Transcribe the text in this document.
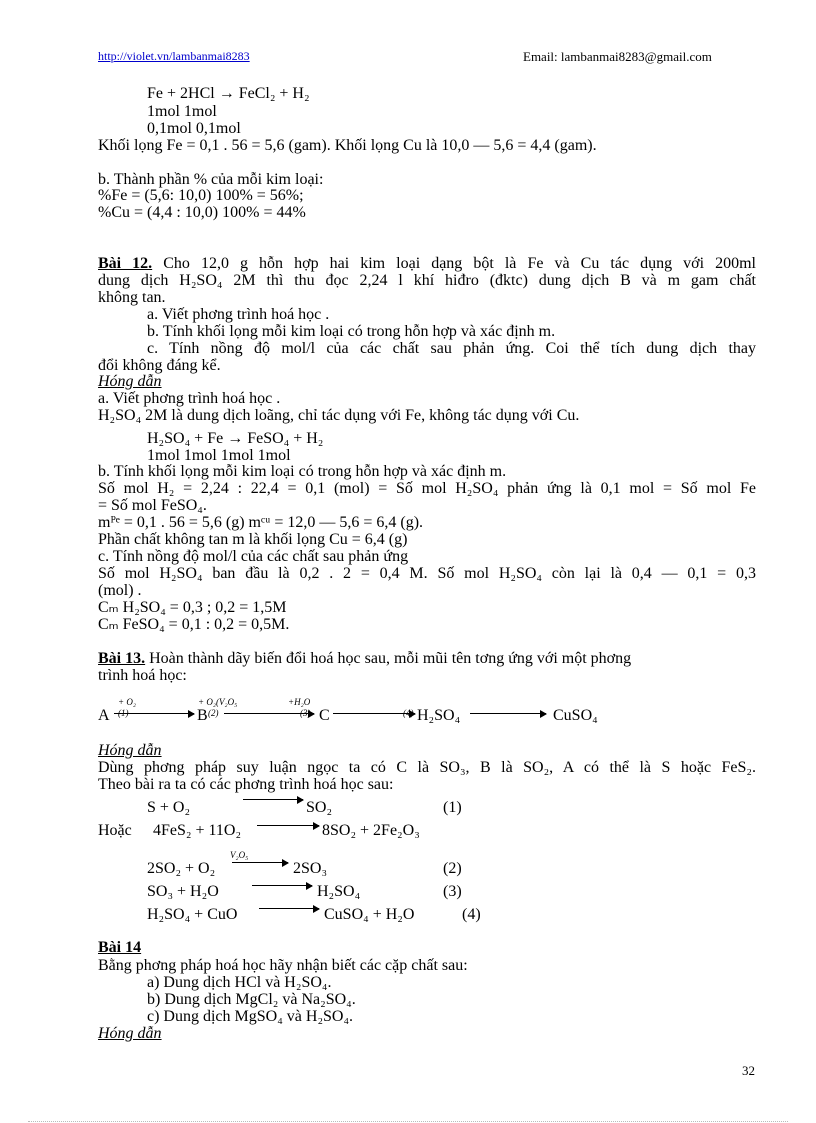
http://violet.vn/lambanmai8283	Email: lambanmai8283@gmail.com
Fe + 2HCl → FeCl₂ + H₂
1mol 1mol
0,1mol 0,1mol
Khối lọng Fe = 0,1 . 56 = 5,6 (gam). Khối lọng Cu là 10,0 — 5,6 = 4,4 (gam).
b. Thành phần % của mỗi kim loại:
%Fe = (5,6: 10,0) 100% = 56%;
%Cu = (4,4 : 10,0) 100% = 44%
Bài 12. Cho 12,0 g hỗn hợp hai kim loại dạng bột là Fe và Cu tác dụng với 200ml
dung dịch H₂SO₄ 2M thì thu đọc 2,24 l khí hiđro (đktc) dung dịch B và m gam chất
không tan.
a. Viết phơng trình hoá học .
b. Tính khối lọng mỗi kim loại có trong hỗn hợp và xác định m.
c. Tính nồng độ mol/l của các chất sau phản ứng. Coi thể tích dung dịch thay
đổi không đáng kể.
Hóng dẫn
a. Viết phơng trình hoá học .
H₂SO₄ 2M là dung dịch loãng, chỉ tác dụng với Fe, không tác dụng với Cu.
H₂SO₄ + Fe → FeSO₄ + H₂
1mol 1mol 1mol 1mol
b. Tính khối lọng mỗi kim loại có trong hỗn hợp và xác định m.
Số mol H₂ = 2,24 : 22,4 = 0,1 (mol) = Số mol H₂SO₄ phản ứng là 0,1 mol = Số mol Fe
= Số mol FeSO₄.
mᴾᵉ = 0,1 . 56 = 5,6 (g) mᶜᵘ = 12,0 — 5,6 = 6,4 (g).
Phần chất không tan m là khối lọng Cu = 6,4 (g)
c. Tính nồng độ mol/l của các chất sau phản ứng
Số mol H₂SO₄ ban đầu là 0,2 . 2 = 0,4 M. Số mol H₂SO₄ còn lại là 0,4 — 0,1 = 0,3
(mol) .
Cₘ H₂SO₄ = 0,3 ; 0,2 = 1,5M
Cₘ FeSO₄ = 0,1 : 0,2 = 0,5M.
Bài 13. Hoàn thành dãy biến đổi hoá học sau, mỗi mũi tên tơng ứng với một phơng
trình hoá học:
A
+ O₂
(1)	B
+ O₂(V₂O₅
(2)
+H₂O
(3) C	(4) H₂SO₄	CuSO₄
Hóng dẫn
Dùng phơng pháp suy luận ngọc ta có C là SO₃, B là SO₂, A có thể là S hoặc FeS₂.
Theo bài ra ta có các phơng trình hoá học sau:
S + O₂	SO₂	(1)
Hoặc 4FeS₂ + 11O₂	8SO₂ + 2Fe₂O₃
V₂O₅
2SO₂ + O₂	2SO₃	(2)
SO₃ + H₂O	H₂SO₄	(3)
H₂SO₄ + CuO	CuSO₄ + H₂O	(4)
Bài 14
Bằng phơng pháp hoá học hãy nhận biết các cặp chất sau:
a) Dung dịch HCl và H₂SO₄.
b) Dung dịch MgCl₂ và Na₂SO₄.
c) Dung dịch MgSO₄ và H₂SO₄.
Hóng dẫn
32
